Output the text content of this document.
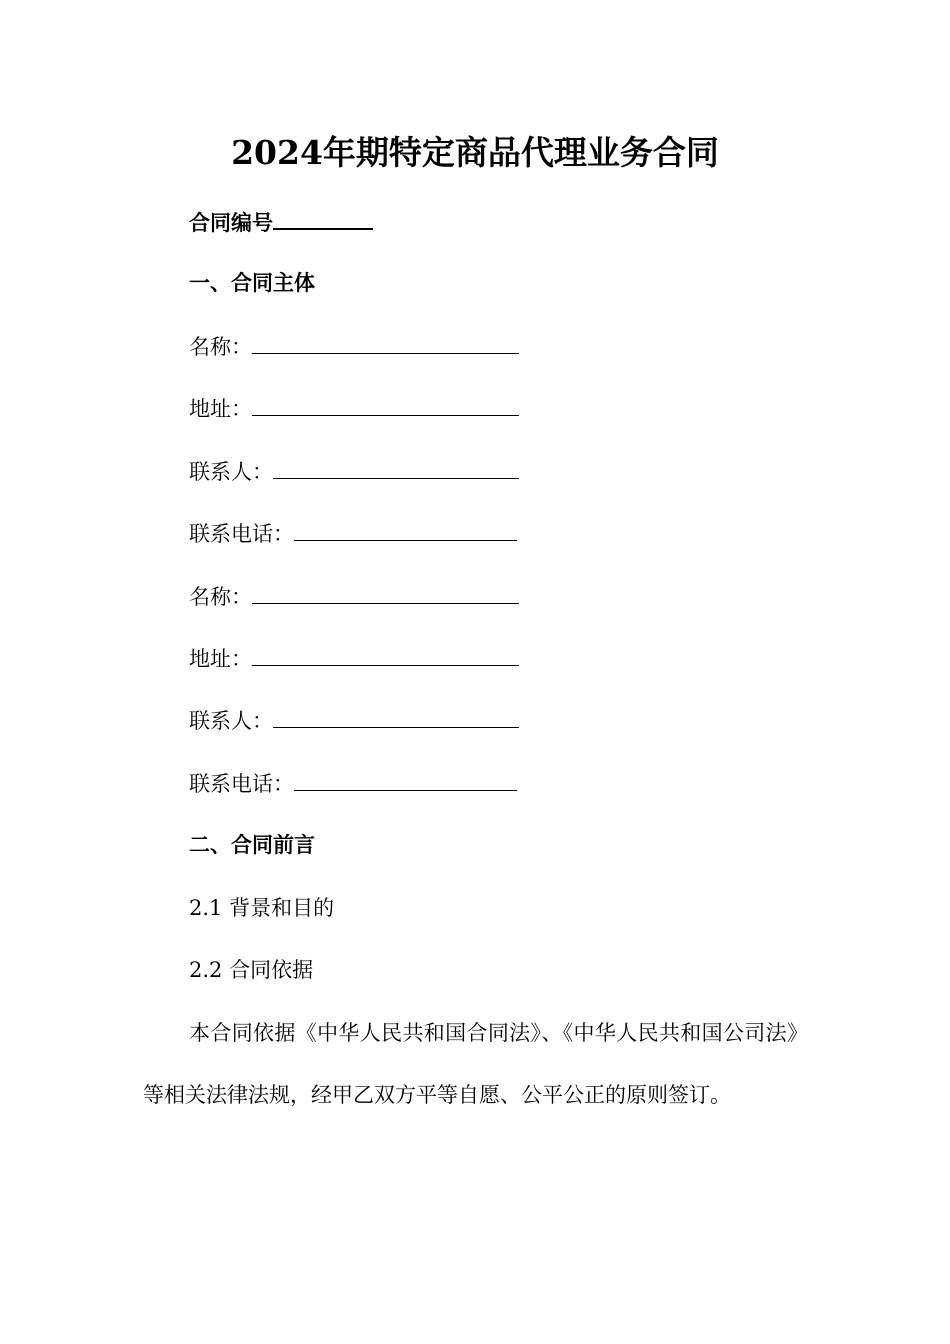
2024年期特定商品代理业务合同
合同编号
一、合同主体
名称：
地址：
联系人：
联系电话：
名称：
地址：
联系人：
联系电话：
二、合同前言
2.1 背景和目的
2.2 合同依据
本合同依据《中华人民共和国合同法》、《中华人民共和国公司法》等相关法律法规，经甲乙双方平等自愿、公平公正的原则签订。
